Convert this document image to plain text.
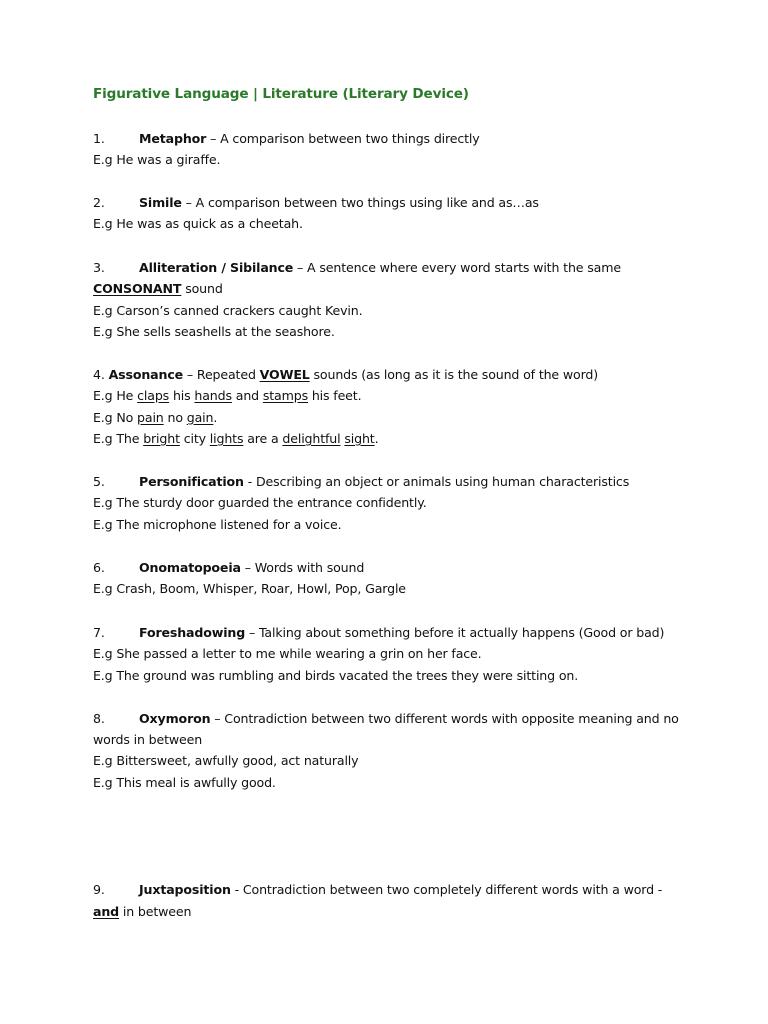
Figurative Language | Literature (Literary Device)
1.	Metaphor – A comparison between two things directly
E.g He was a giraffe.
2.	Simile – A comparison between two things using like and as…as
E.g He was as quick as a cheetah.
3.	Alliteration / Sibilance – A sentence where every word starts with the same
CONSONANT sound
E.g Carson’s canned crackers caught Kevin.
E.g She sells seashells at the seashore.
4. Assonance – Repeated VOWEL sounds (as long as it is the sound of the word)
E.g He claps his hands and stamps his feet.
E.g No pain no gain.
E.g The bright city lights are a delightful sight.
5.	Personification - Describing an object or animals using human characteristics
E.g The sturdy door guarded the entrance confidently.
E.g The microphone listened for a voice.
6.	Onomatopoeia – Words with sound
E.g Crash, Boom, Whisper, Roar, Howl, Pop, Gargle
7.	Foreshadowing – Talking about something before it actually happens (Good or bad)
E.g She passed a letter to me while wearing a grin on her face.
E.g The ground was rumbling and birds vacated the trees they were sitting on.
8.	Oxymoron – Contradiction between two different words with opposite meaning and no
words in between
E.g Bittersweet, awfully good, act naturally
E.g This meal is awfully good.
9.	Juxtaposition - Contradiction between two completely different words with a word -
and in between
